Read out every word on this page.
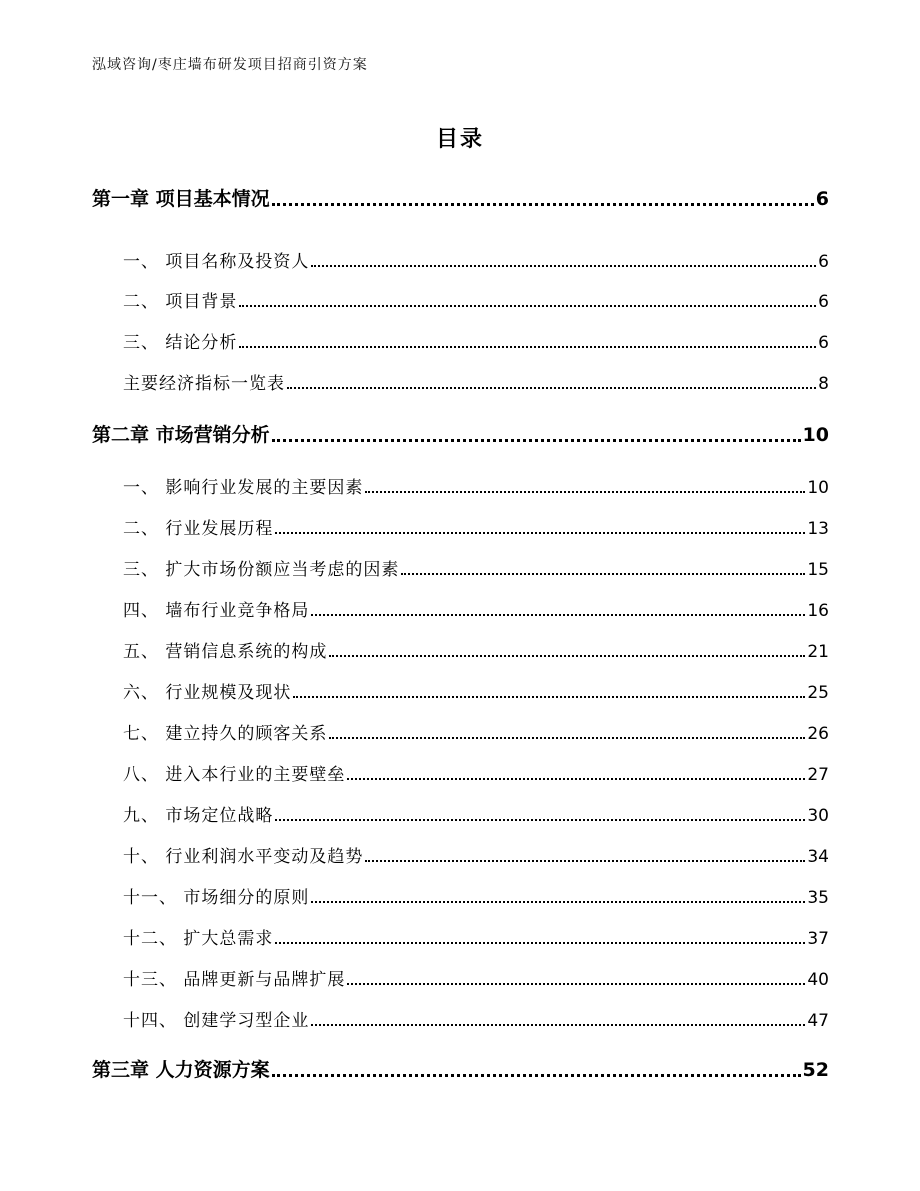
泓域咨询/枣庄墙布研发项目招商引资方案
目录
第一章 项目基本情况	6
一、 项目名称及投资人	6
二、 项目背景	6
三、 结论分析	6
主要经济指标一览表	8
第二章 市场营销分析	10
一、 影响行业发展的主要因素	10
二、 行业发展历程	13
三、 扩大市场份额应当考虑的因素	15
四、 墙布行业竞争格局	16
五、 营销信息系统的构成	21
六、 行业规模及现状	25
七、 建立持久的顾客关系	26
八、 进入本行业的主要壁垒	27
九、 市场定位战略	30
十、 行业利润水平变动及趋势	34
十一、 市场细分的原则	35
十二、 扩大总需求	37
十三、 品牌更新与品牌扩展	40
十四、 创建学习型企业	47
第三章 人力资源方案	52
